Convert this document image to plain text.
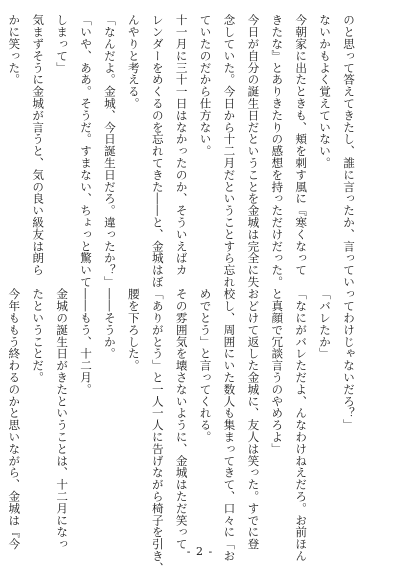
のと思って答えてきたし、誰に言ったか、言ってい
ないかもよく覚えていない。
今朝家に出たときも、頬を刺す風に『寒くなって
きたな』とありきたりの感想を持っただけだった。
今日が自分の誕生日だということを金城は完全に失
念していた。今日から十二月だということすら忘れ
ていたのだから仕方ない。
十一月に三十一日はなかったのか、そういえばカ
レンダーをめくるのを忘れてきた――と、金城はぼ
んやりと考える。
「なんだよ。金城、今日誕生日だろ。違ったか？」
「いや、ああ。そうだ。すまない、ちょっと驚いて
しまって」
気まずそうに金城が言うと、気の良い級友は朗ら
かに笑った。
ってわけじゃないだろ？」
「バレたか」
「なにがバレただよ、んなわけねえだろ。お前ほん
と真顔で冗談言うのやめろよ」
おどけて返した金城に、友人は笑った。すでに登
校し、周囲にいた数人も集まってきて、口々に「お
めでとう」と言ってくれる。
その雰囲気を壊さないように、金城はただ笑って
「ありがとう」と一人一人に告げながら椅子を引き、
腰を下ろした。
――そうか。
――もう、十二月。
金城の誕生日がきたということは、十二月になっ
たということだ。
今年ももう終わるのかと思いながら、金城は『今
- 2 -
